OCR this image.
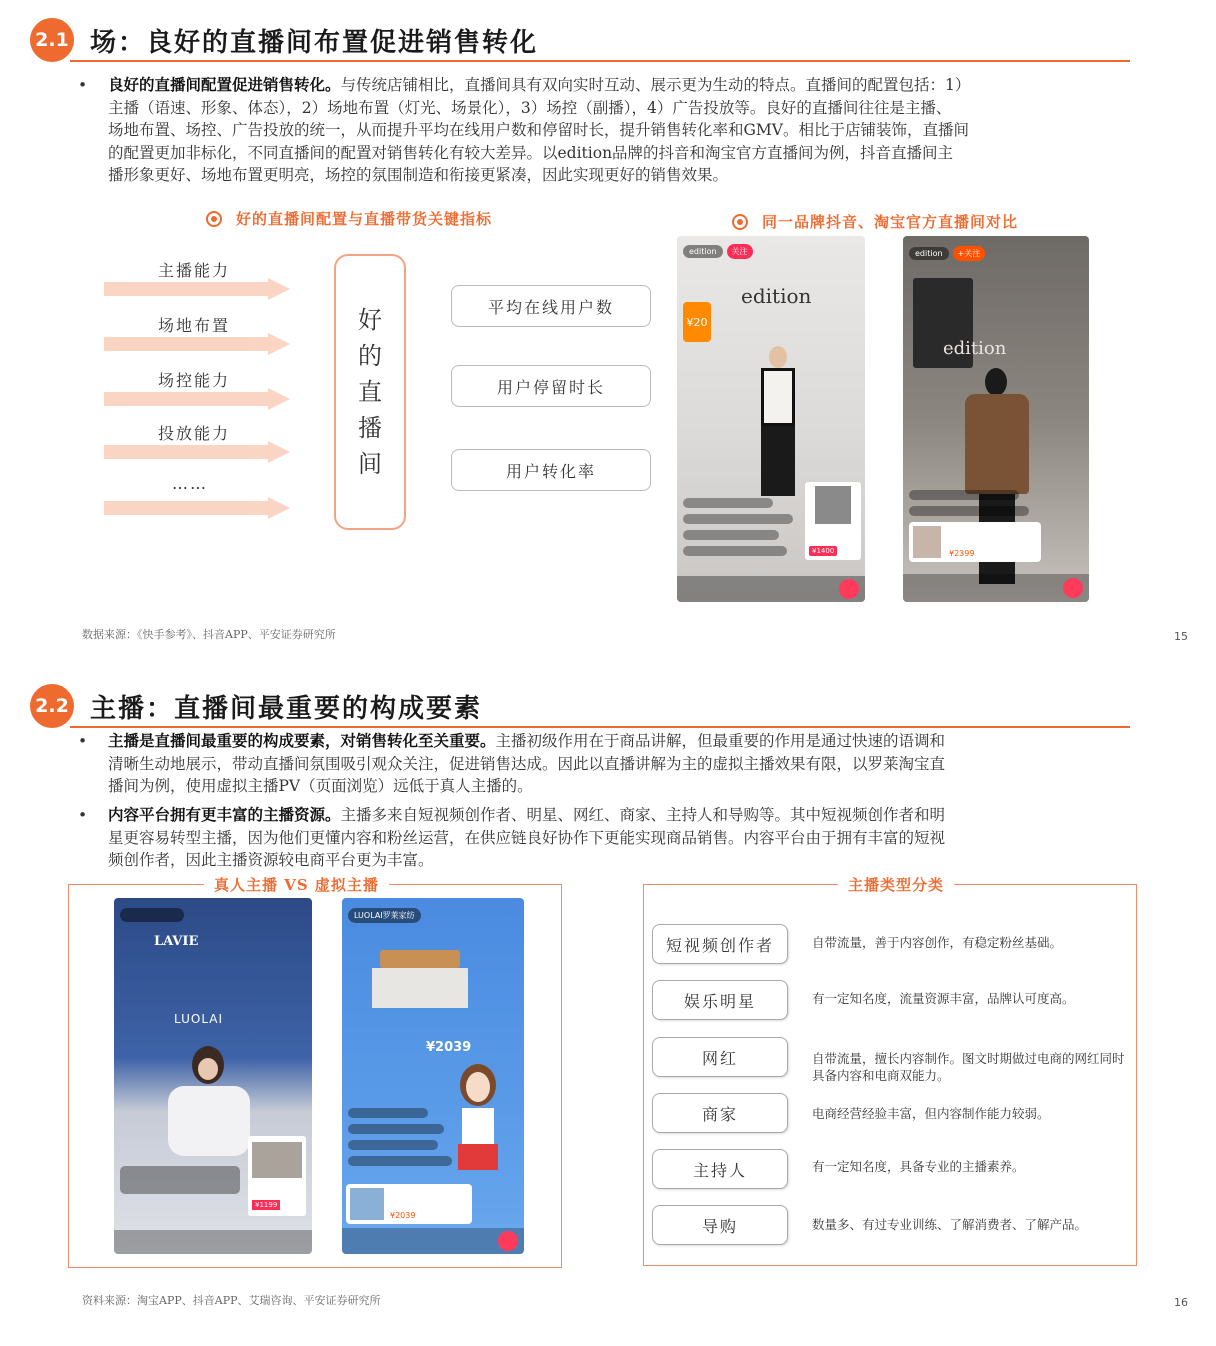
2.1 场：良好的直播间布置促进销售转化
• 良好的直播间配置促进销售转化。与传统店铺相比，直播间具有双向实时互动、展示更为生动的特点。直播间的配置包括：1）
主播（语速、形象、体态），2）场地布置（灯光、场景化），3）场控（副播），4）广告投放等。良好的直播间往往是主播、
场地布置、场控、广告投放的统一，从而提升平均在线用户数和停留时长，提升销售转化率和GMV。相比于店铺装饰，直播间
的配置更加非标化，不同直播间的配置对销售转化有较大差异。以edition品牌的抖音和淘宝官方直播间为例，抖音直播间主
播形象更好、场地布置更明亮，场控的氛围制造和衔接更紧凑，因此实现更好的销售效果。
好的直播间配置与直播带货关键指标
主播能力
场地布置
场控能力
投放能力
……
好
的
直
播
间
平均在线用户数
用户停留时长
用户转化率
同一品牌抖音、淘宝官方直播间对比
edition	关注
edition
¥20
¥1400
edition	+关注
edition
¥2399
数据来源：《快手参考》、抖音APP、平安证券研究所	15
2.2 主播：直播间最重要的构成要素
• 主播是直播间最重要的构成要素，对销售转化至关重要。主播初级作用在于商品讲解，但最重要的作用是通过快速的语调和
清晰生动地展示，带动直播间氛围吸引观众关注，促进销售达成。因此以直播讲解为主的虚拟主播效果有限，以罗莱淘宝直
播间为例，使用虚拟主播PV（页面浏览）远低于真人主播的。
• 内容平台拥有更丰富的主播资源。主播多来自短视频创作者、明星、网红、商家、主持人和导购等。其中短视频创作者和明
星更容易转型主播，因为他们更懂内容和粉丝运营，在供应链良好协作下更能实现商品销售。内容平台由于拥有丰富的短视
频创作者，因此主播资源较电商平台更为丰富。
真人主播 VS 虚拟主播
LAVIE
LUOLAI
¥1199
LUOLAI罗莱家纺
¥2039
¥2039
主播类型分类
短视频创作者	自带流量，善于内容创作，有稳定粉丝基础。
娱乐明星	有一定知名度，流量资源丰富，品牌认可度高。
网红	自带流量，擅长内容制作。图文时期做过电商的网红同时具备内容和电商双能力。
商家	电商经营经验丰富，但内容制作能力较弱。
主持人	有一定知名度，具备专业的主播素养。
导购	数量多、有过专业训练、了解消费者、了解产品。
资料来源：淘宝APP、抖音APP、艾瑞咨询、平安证券研究所	16
